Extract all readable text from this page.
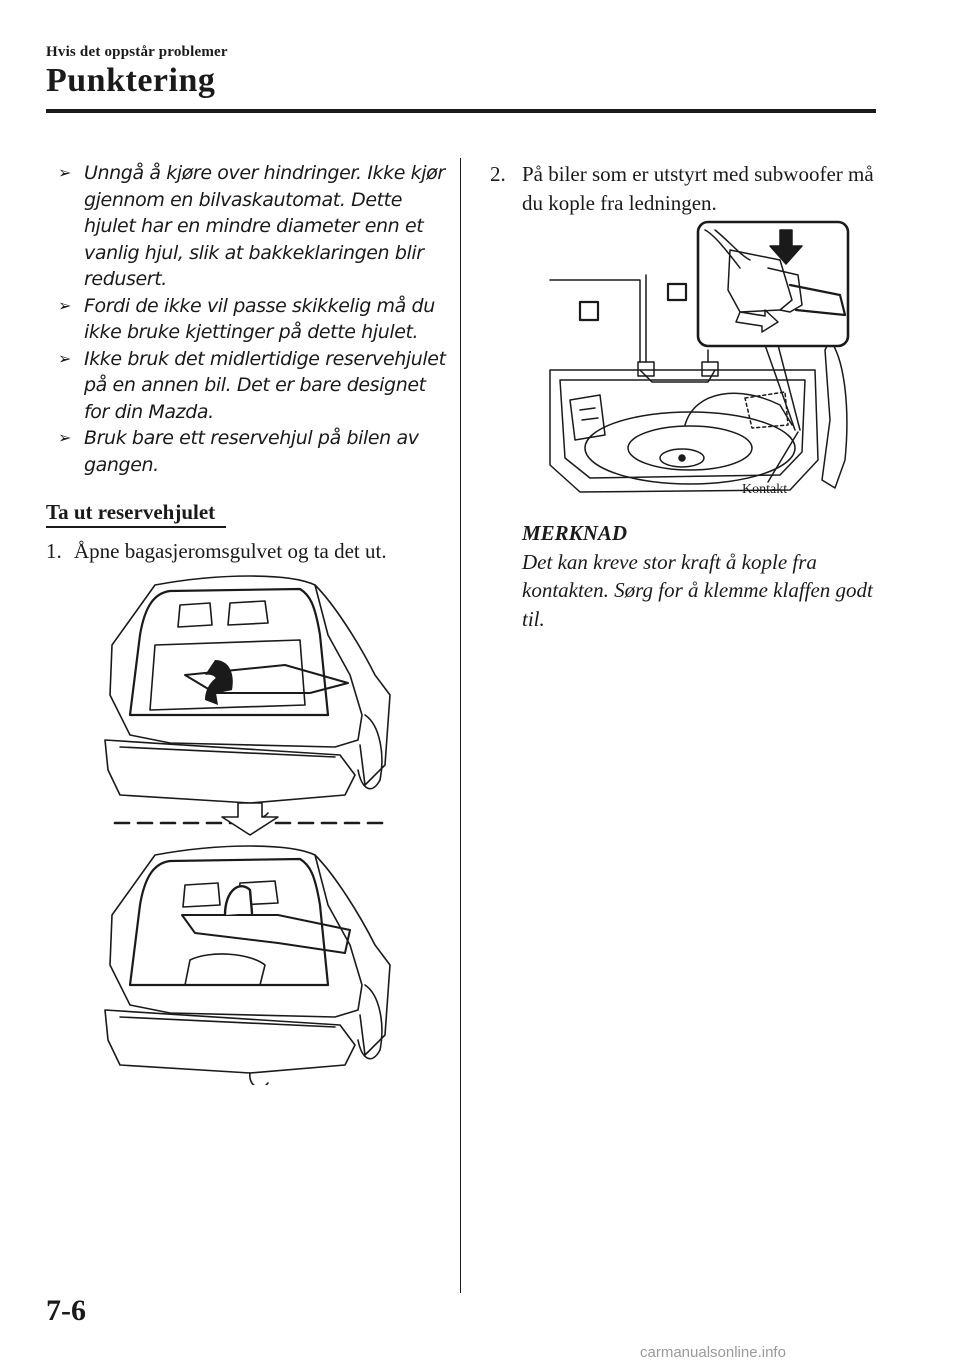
Hvis det oppstår problemer
Punktering
➢ Unngå å kjøre over hindringer. Ikke kjør gjennom en bilvaskautomat. Dette hjulet har en mindre diameter enn et vanlig hjul, slik at bakkeklaringen blir redusert.
➢ Fordi de ikke vil passe skikkelig må du ikke bruke kjettinger på dette hjulet.
➢ Ikke bruk det midlertidige reservehjulet på en annen bil. Det er bare designet for din Mazda.
➢ Bruk bare ett reservehjul på bilen av gangen.
Ta ut reservehjulet
1. Åpne bagasjeromsgulvet og ta det ut.
2. På biler som er utstyrt med subwoofer må du kople fra ledningen.
Kontakt
MERKNAD
Det kan kreve stor kraft å kople fra kontakten. Sørg for å klemme klaffen godt til.
7-6
carmanualsonline.info
